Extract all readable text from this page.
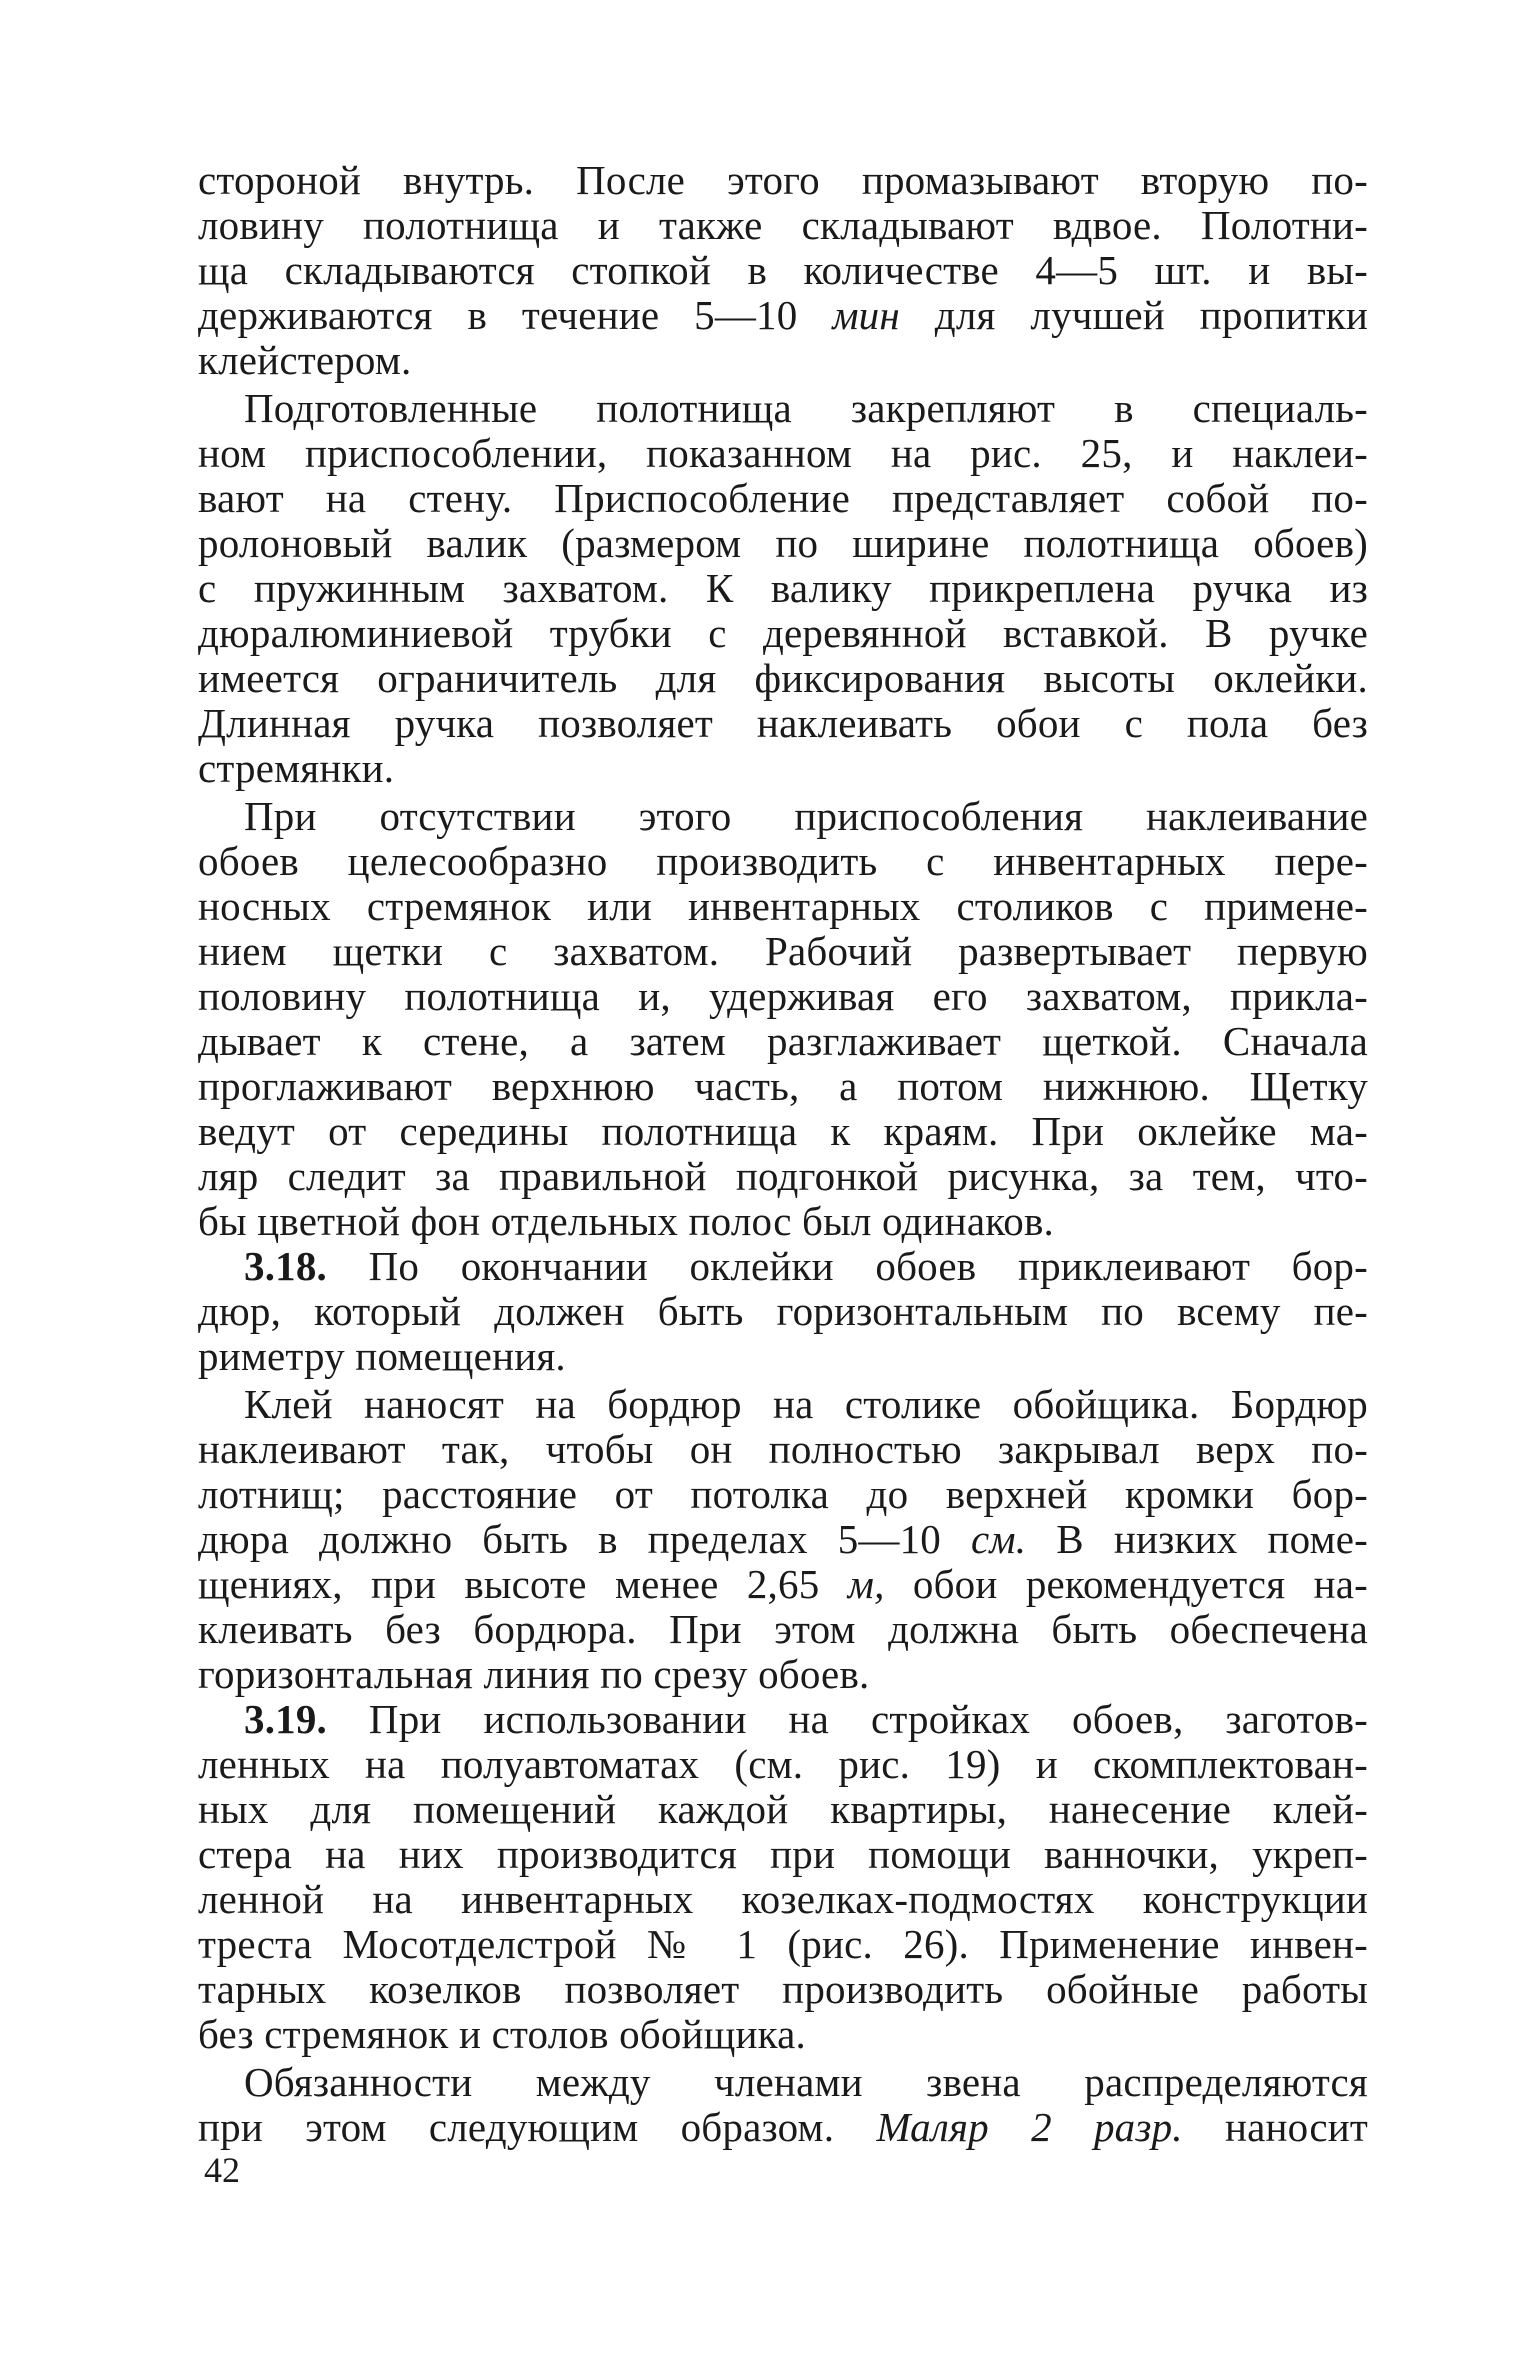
стороной внутрь. После этого промазывают вторую по-
ловину полотнища и также складывают вдвое. Полотни-
ща складываются стопкой в количестве 4—5 шт. и вы-
держиваются в течение 5—10 мин для лучшей пропитки
клейстером.
Подготовленные полотнища закрепляют в специаль-
ном приспособлении, показанном на рис. 25, и наклеи-
вают на стену. Приспособление представляет собой по-
ролоновый валик (размером по ширине полотнища обоев)
с пружинным захватом. К валику прикреплена ручка из
дюралюминиевой трубки с деревянной вставкой. В ручке
имеется ограничитель для фиксирования высоты оклейки.
Длинная ручка позволяет наклеивать обои с пола без
стремянки.
При отсутствии этого приспособления наклеивание
обоев целесообразно производить с инвентарных пере-
носных стремянок или инвентарных столиков с примене-
нием щетки с захватом. Рабочий развертывает первую
половину полотнища и, удерживая его захватом, прикла-
дывает к стене, а затем разглаживает щеткой. Сначала
проглаживают верхнюю часть, а потом нижнюю. Щетку
ведут от середины полотнища к краям. При оклейке ма-
ляр следит за правильной подгонкой рисунка, за тем, что-
бы цветной фон отдельных полос был одинаков.
3.18. По окончании оклейки обоев приклеивают бор-
дюр, который должен быть горизонтальным по всему пе-
риметру помещения.
Клей наносят на бордюр на столике обойщика. Бордюр
наклеивают так, чтобы он полностью закрывал верх по-
лотнищ; расстояние от потолка до верхней кромки бор-
дюра должно быть в пределах 5—10 см. В низких поме-
щениях, при высоте менее 2,65 м, обои рекомендуется на-
клеивать без бордюра. При этом должна быть обеспечена
горизонтальная линия по срезу обоев.
3.19. При использовании на стройках обоев, заготов-
ленных на полуавтоматах (см. рис. 19) и скомплектован-
ных для помещений каждой квартиры, нанесение клей-
стера на них производится при помощи ванночки, укреп-
ленной на инвентарных козелках-подмостях конструкции
треста Мосотделстрой № 1 (рис. 26). Применение инвен-
тарных козелков позволяет производить обойные работы
без стремянок и столов обойщика.
Обязанности между членами звена распределяются
при этом следующим образом. Маляр 2 разр. наносит
42
